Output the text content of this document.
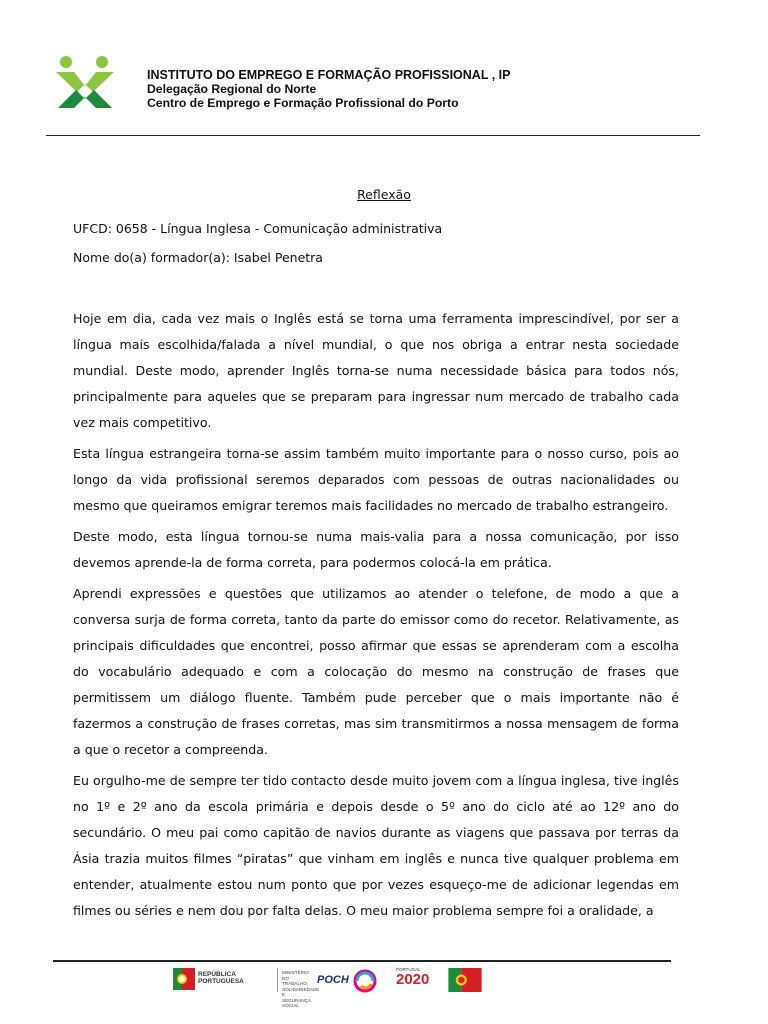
INSTITUTO DO EMPREGO E FORMAÇÃO PROFISSIONAL , IP
Delegação Regional do Norte
Centro de Emprego e Formação Profissional do Porto
Reflexão
UFCD: 0658 - Língua Inglesa - Comunicação administrativa
Nome do(a) formador(a): Isabel Penetra

Hoje em dia, cada vez mais o Inglês está se torna uma ferramenta imprescindível, por ser a língua mais escolhida/falada a nível mundial, o que nos obriga a entrar nesta sociedade mundial. Deste modo, aprender Inglês torna-se numa necessidade básica para todos nós, principalmente para aqueles que se preparam para ingressar num mercado de trabalho cada vez mais competitivo.

Esta língua estrangeira torna-se assim também muito importante para o nosso curso, pois ao longo da vida profissional seremos deparados com pessoas de outras nacionalidades ou mesmo que queiramos emigrar teremos mais facilidades no mercado de trabalho estrangeiro.

Deste modo, esta língua tornou-se numa mais-valia para a nossa comunicação, por isso devemos aprende-la de forma correta, para podermos colocá-la em prática.

Aprendi expressões e questões que utilizamos ao atender o telefone, de modo a que a conversa surja de forma correta, tanto da parte do emissor como do recetor. Relativamente, as principais dificuldades que encontrei, posso afirmar que essas se aprenderam com a escolha do vocabulário adequado e com a colocação do mesmo na construção de frases que permitissem um diálogo fluente. Também pude perceber que o mais importante não é fazermos a construção de frases corretas, mas sim transmitirmos a nossa mensagem de forma a que o recetor a compreenda.

Eu orgulho-me de sempre ter tido contacto desde muito jovem com a língua inglesa, tive inglês no 1º e 2º ano da escola primária e depois desde o 5º ano do ciclo até ao 12º ano do secundário. O meu pai como capitão de navios durante as viagens que passava por terras da Ásia trazia muitos filmes “piratas” que vinham em inglês e nunca tive qualquer problema em entender, atualmente estou num ponto que por vezes esqueço-me de adicionar legendas em filmes ou séries e nem dou por falta delas. O meu maior problema sempre foi a oralidade, a

REPÚBLICA
PORTUGUESA
MINISTÉRIO DO TRABALHO, SOLIDARIEDADE E SEGURANÇA SOCIAL
POCH
PORTUGAL
2020
